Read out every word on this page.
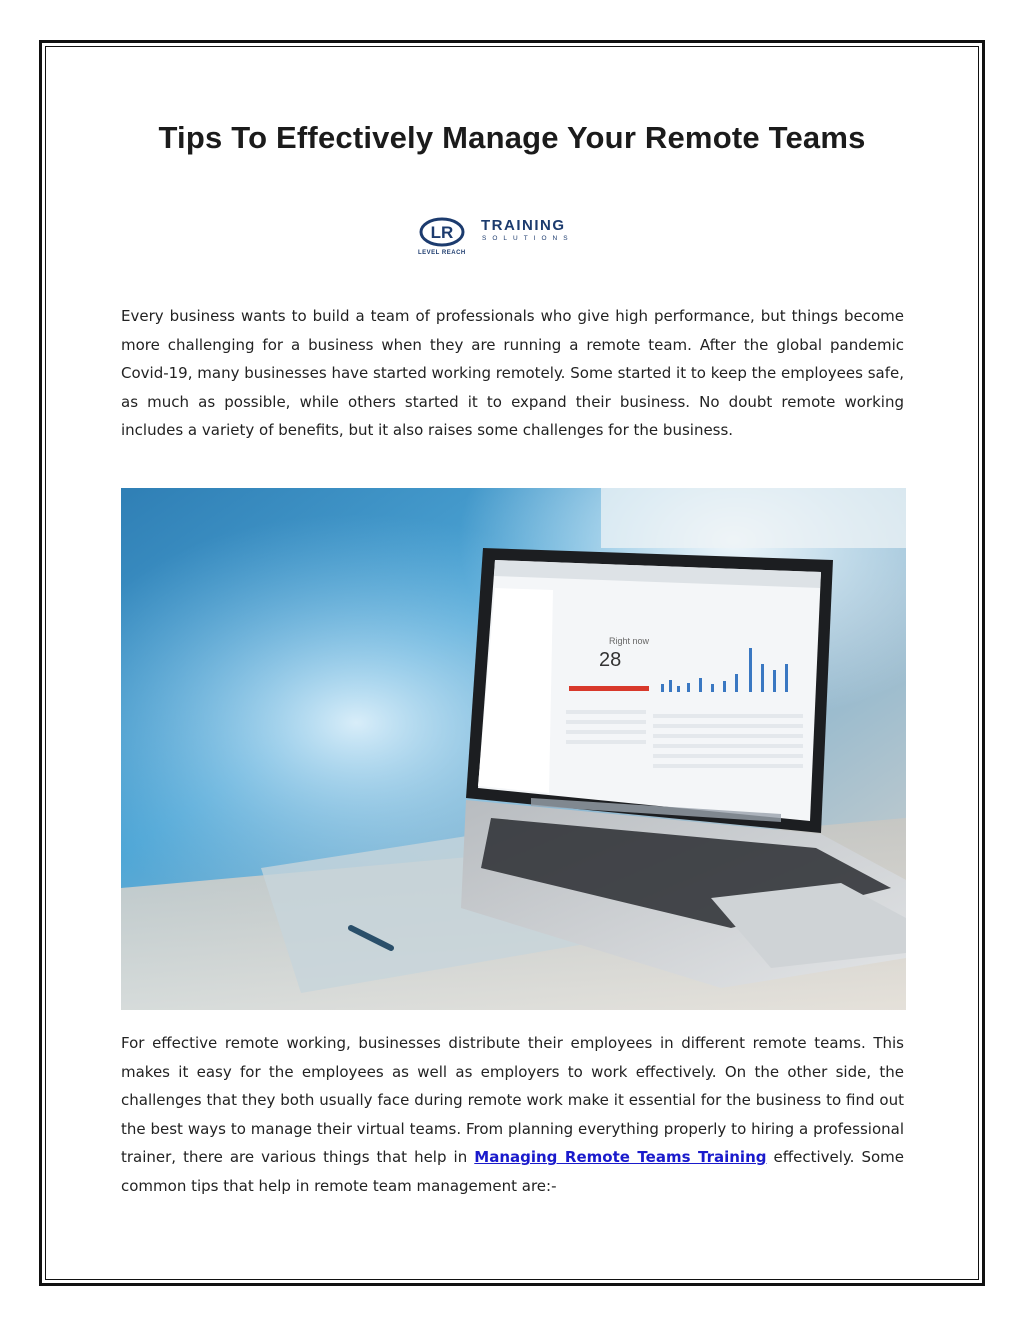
Tips To Effectively Manage Your Remote Teams
LR TRAINING
SOLUTIONS
LEVEL REACH
Every business wants to build a team of professionals who give high performance, but things become more challenging for a business when they are running a remote team. After the global pandemic Covid-19, many businesses have started working remotely. Some started it to keep the employees safe, as much as possible, while others started it to expand their business. No doubt remote working includes a variety of benefits, but it also raises some challenges for the business.
Right now
28
For effective remote working, businesses distribute their employees in different remote teams. This makes it easy for the employees as well as employers to work effectively. On the other side, the challenges that they both usually face during remote work make it essential for the business to find out the best ways to manage their virtual teams. From planning everything properly to hiring a professional trainer, there are various things that help in Managing Remote Teams Training effectively. Some common tips that help in remote team management are:-
